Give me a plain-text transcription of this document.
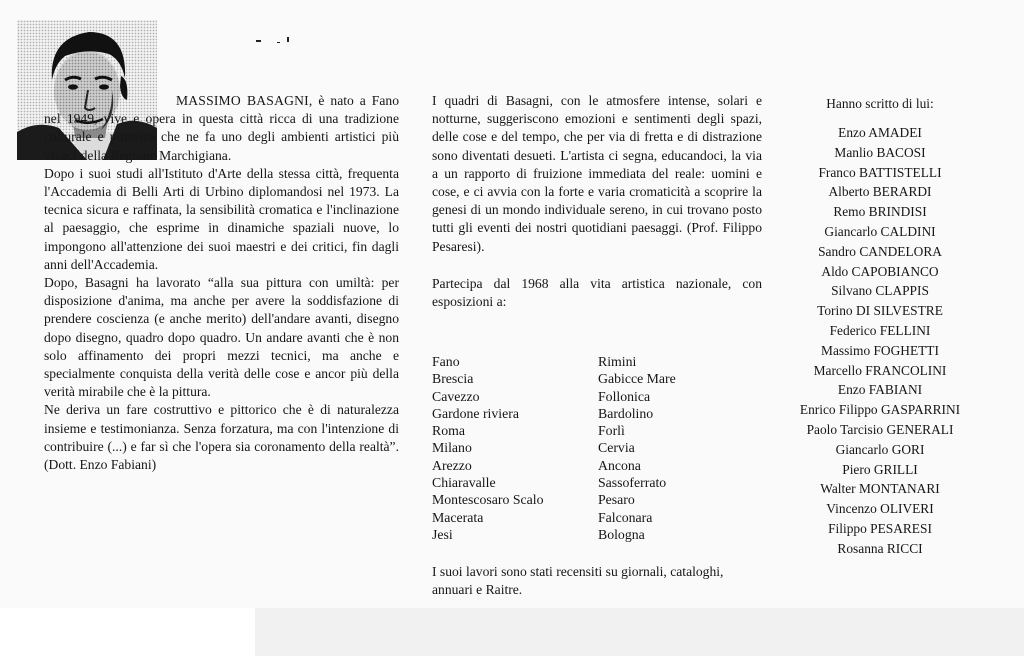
MASSIMO BASAGNI, è nato a Fano nel 1949, vive e opera in questa città ricca di una tradizione culturale e pittorica che ne fa uno degli ambienti artistici più vivaci della Regione Marchigiana.

Dopo i suoi studi all'Istituto d'Arte della stessa città, frequenta l'Accademia di Belli Arti di Urbino diplomandosi nel 1973. La tecnica sicura e raffinata, la sensibilità cromatica e l'inclinazione al paesaggio, che esprime in dinamiche spaziali nuove, lo impongono all'attenzione dei suoi maestri e dei critici, fin dagli anni dell'Accademia.

Dopo, Basagni ha lavorato “alla sua pittura con umiltà: per disposizione d'anima, ma anche per avere la soddisfazione di prendere coscienza (e anche merito) dell'andare avanti, disegno dopo disegno, quadro dopo quadro. Un andare avanti che è non solo affinamento dei propri mezzi tecnici, ma anche e specialmente conquista della verità delle cose e ancor più della verità mirabile che è la pittura.

Ne deriva un fare costruttivo e pittorico che è di naturalezza insieme e testimonianza. Senza forzatura, ma con l'intenzione di contribuire (...) e far sì che l'opera sia coronamento della realtà”. (Dott. Enzo Fabiani)

I quadri di Basagni, con le atmosfere intense, solari e notturne, suggeriscono emozioni e sentimenti degli spazi, delle cose e del tempo, che per via di fretta e di distrazione sono diventati desueti. L'artista ci segna, educandoci, la via a un rapporto di fruizione immediata del reale: uomini e cose, e ci avvia con la forte e varia cromaticità a scoprire la genesi di un mondo individuale sereno, in cui trovano posto tutti gli eventi dei nostri quotidiani paesaggi. (Prof. Filippo Pesaresi).

Partecipa dal 1968 alla vita artistica nazionale, con esposizioni a:

Fano
Brescia
Cavezzo
Gardone riviera
Roma
Milano
Arezzo
Chiaravalle
Montescosaro Scalo
Macerata
Jesi
Rimini
Gabicce Mare
Follonica
Bardolino
Forlì
Cervia
Ancona
Sassoferrato
Pesaro
Falconara
Bologna
I suoi lavori sono stati recensiti su giornali, cataloghi, annuari e Raitre.

Hanno scritto di lui:

Enzo AMADEI
Manlio BACOSI
Franco BATTISTELLI
Alberto BERARDI
Remo BRINDISI
Giancarlo CALDINI
Sandro CANDELORA
Aldo CAPOBIANCO
Silvano CLAPPIS
Torino DI SILVESTRE
Federico FELLINI
Massimo FOGHETTI
Marcello FRANCOLINI
Enzo FABIANI
Enrico Filippo GASPARRINI
Paolo Tarcisio GENERALI
Giancarlo GORI
Piero GRILLI
Walter MONTANARI
Vincenzo OLIVERI
Filippo PESARESI
Rosanna RICCI
